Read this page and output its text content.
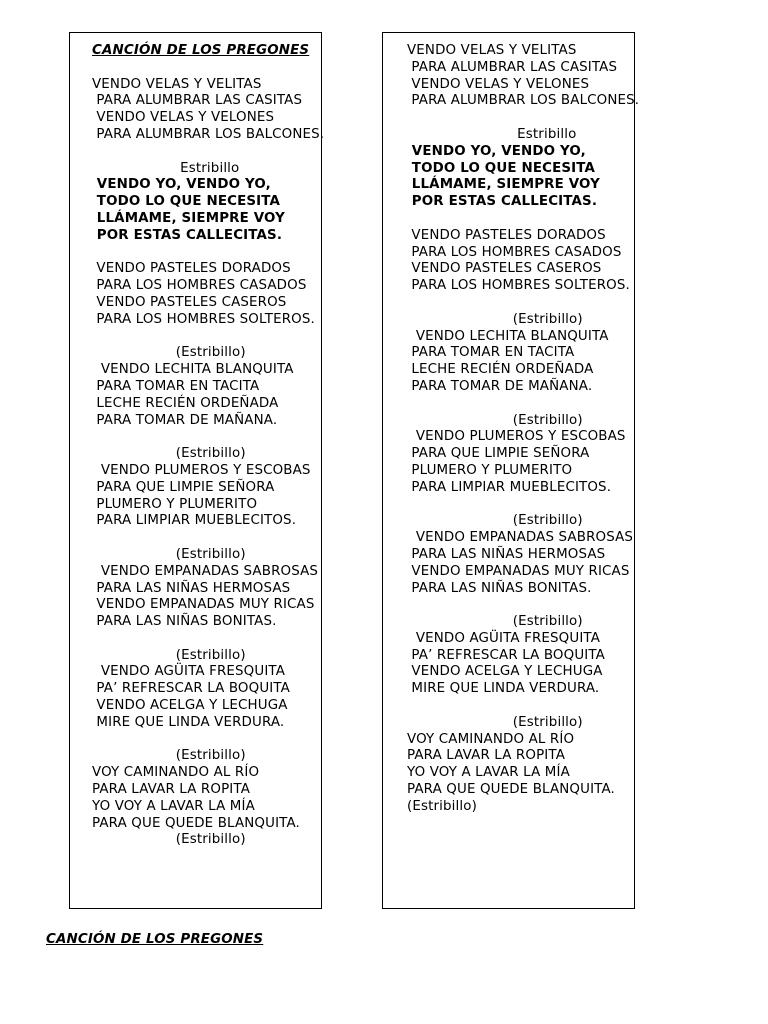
CANCIÓN DE LOS PREGONES
VENDO VELAS Y VELITAS
PARA ALUMBRAR LAS CASITAS
VENDO VELAS Y VELONES
PARA ALUMBRAR LOS BALCONES.
Estribillo
VENDO YO, VENDO YO,
TODO LO QUE NECESITA
LLÁMAME, SIEMPRE VOY
POR ESTAS CALLECITAS.
VENDO PASTELES DORADOS
PARA LOS HOMBRES CASADOS
VENDO PASTELES CASEROS
PARA LOS HOMBRES SOLTEROS.
(Estribillo)
VENDO LECHITA BLANQUITA
PARA TOMAR EN TACITA
LECHE RECIÉN ORDEÑADA
PARA TOMAR DE MAÑANA.
(Estribillo)
VENDO PLUMEROS Y ESCOBAS
PARA QUE LIMPIE SEÑORA
PLUMERO Y PLUMERITO
PARA LIMPIAR MUEBLECITOS.
(Estribillo)
VENDO EMPANADAS SABROSAS
PARA LAS NIÑAS HERMOSAS
VENDO EMPANADAS MUY RICAS
PARA LAS NIÑAS BONITAS.
(Estribillo)
VENDO AGÜITA FRESQUITA
PA’ REFRESCAR LA BOQUITA
VENDO ACELGA Y LECHUGA
MIRE QUE LINDA VERDURA.
(Estribillo)
VOY CAMINANDO AL RÍO
PARA LAVAR LA ROPITA
YO VOY A LAVAR LA MÍA
PARA QUE QUEDE BLANQUITA.
(Estribillo)
VENDO VELAS Y VELITAS
PARA ALUMBRAR LAS CASITAS
VENDO VELAS Y VELONES
PARA ALUMBRAR LOS BALCONES.
Estribillo
VENDO YO, VENDO YO,
TODO LO QUE NECESITA
LLÁMAME, SIEMPRE VOY
POR ESTAS CALLECITAS.
VENDO PASTELES DORADOS
PARA LOS HOMBRES CASADOS
VENDO PASTELES CASEROS
PARA LOS HOMBRES SOLTEROS.
(Estribillo)
VENDO LECHITA BLANQUITA
PARA TOMAR EN TACITA
LECHE RECIÉN ORDEÑADA
PARA TOMAR DE MAÑANA.
(Estribillo)
VENDO PLUMEROS Y ESCOBAS
PARA QUE LIMPIE SEÑORA
PLUMERO Y PLUMERITO
PARA LIMPIAR MUEBLECITOS.
(Estribillo)
VENDO EMPANADAS SABROSAS
PARA LAS NIÑAS HERMOSAS
VENDO EMPANADAS MUY RICAS
PARA LAS NIÑAS BONITAS.
(Estribillo)
VENDO AGÜITA FRESQUITA
PA’ REFRESCAR LA BOQUITA
VENDO ACELGA Y LECHUGA
MIRE QUE LINDA VERDURA.
(Estribillo)
VOY CAMINANDO AL RÍO
PARA LAVAR LA ROPITA
YO VOY A LAVAR LA MÍA
PARA QUE QUEDE BLANQUITA.
(Estribillo)
CANCIÓN DE LOS PREGONES
